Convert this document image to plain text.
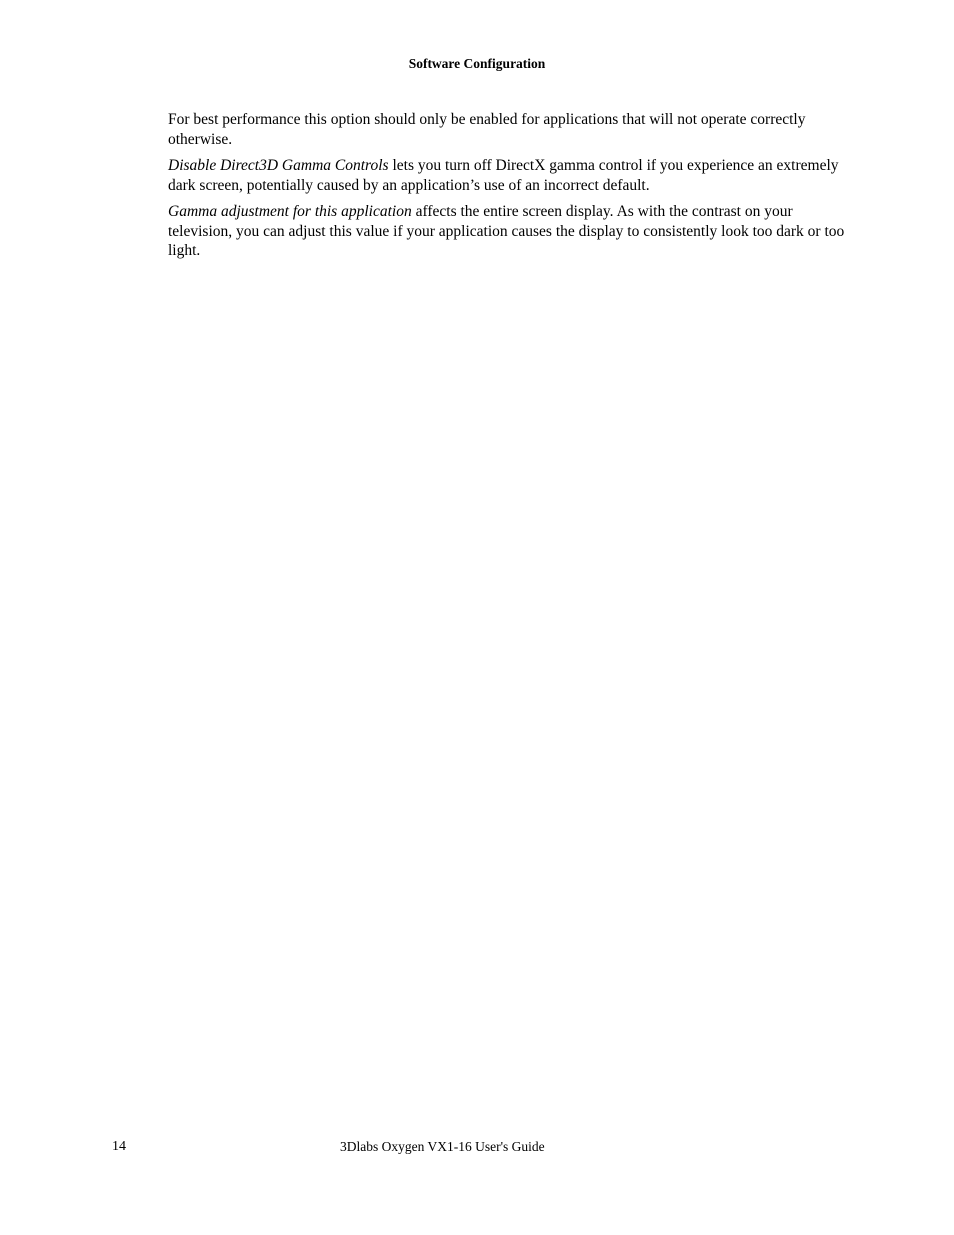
Software Configuration

For best performance this option should only be enabled for applications that will not operate correctly otherwise.

Disable Direct3D Gamma Controls lets you turn off DirectX gamma control if you experience an extremely dark screen, potentially caused by an application’s use of an incorrect default.

Gamma adjustment for this application affects the entire screen display. As with the contrast on your television, you can adjust this value if your application causes the display to consistently look too dark or too light.

14	3Dlabs Oxygen VX1-16 User's Guide
